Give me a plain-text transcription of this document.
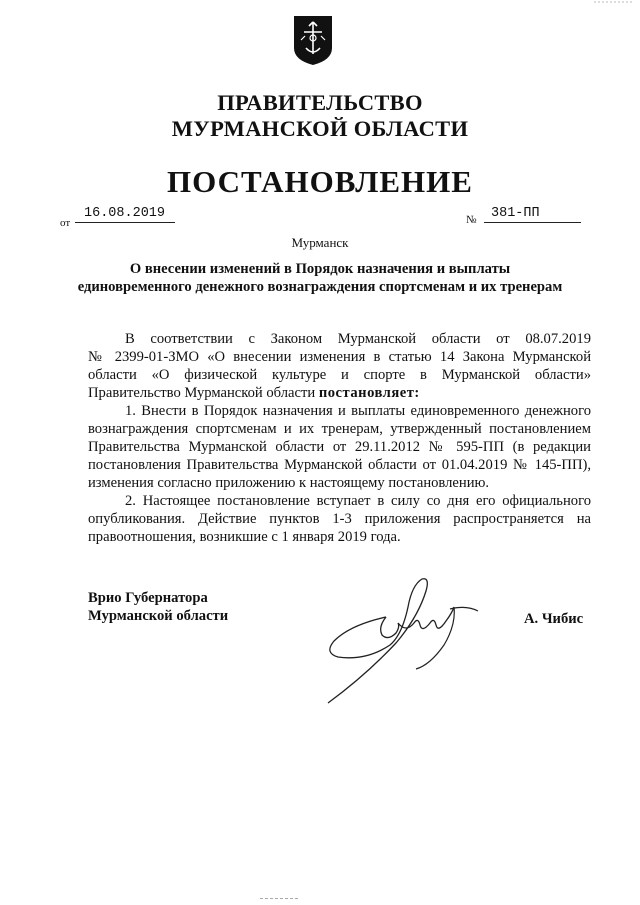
ПРАВИТЕЛЬСТВО
МУРМАНСКОЙ ОБЛАСТИ
ПОСТАНОВЛЕНИЕ
от
16.08.2019	№ 381-ПП
Мурманск
О внесении изменений в Порядок назначения и выплаты
единовременного денежного вознаграждения спортсменам и их тренерам
В соответствии с Законом Мурманской области от 08.07.2019
№ 2399-01-ЗМО «О внесении изменения в статью 14 Закона Мурманской
области «О физической культуре и спорте в Мурманской области»
Правительство Мурманской области постановляет:
1. Внести в Порядок назначения и выплаты единовременного денежного
вознаграждения спортсменам и их тренерам, утвержденный постановлением
Правительства Мурманской области от 29.11.2012 № 595-ПП (в редакции
постановления Правительства Мурманской области от 01.04.2019 № 145-ПП),
изменения согласно приложению к настоящему постановлению.
2. Настоящее постановление вступает в силу со дня его официального
опубликования. Действие пунктов 1-3 приложения распространяется на
правоотношения, возникшие с 1 января 2019 года.
Врио Губернатора
Мурманской области	А. Чибис
